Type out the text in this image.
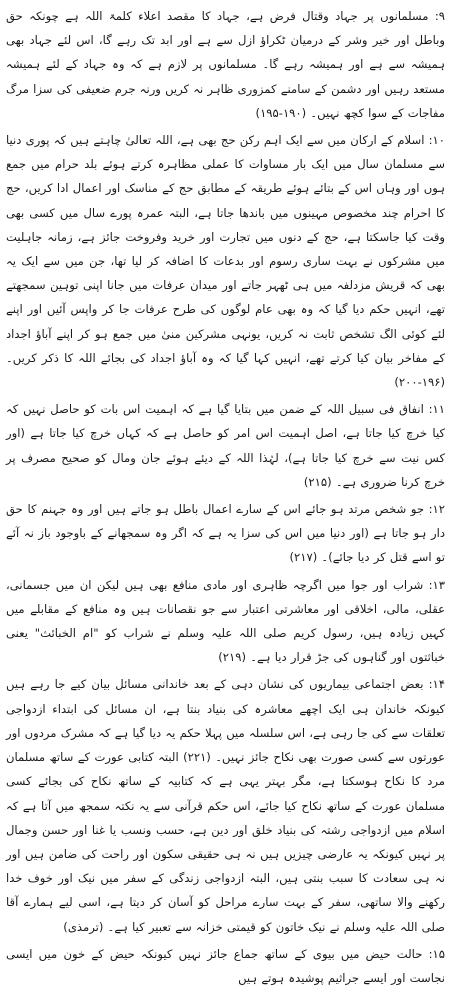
۹: مسلمانوں پر جہاد وقتال فرض ہے، جہاد کا مقصد اعلاء کلمۃ اللہ ہے چونکہ حق وباطل اور خیر وشر کے درمیان ٹکراؤ ازل سے ہے اور ابد تک رہے گا، اس لئے جہاد بھی ہمیشہ سے ہے اور ہمیشہ رہے گا۔ مسلمانوں پر لازم ہے کہ وہ جہاد کے لئے ہمیشہ مستعد رہیں اور دشمن کے سامنے کمزوری ظاہر نہ کریں ورنہ جرم ضعیفی کی سزا مرگ مفاجات کے سوا کچھ نہیں۔ (۱۹۰-۱۹۵)

۱۰: اسلام کے ارکان میں سے ایک اہم رکن حج بھی ہے، اللہ تعالیٰ چاہتے ہیں کہ پوری دنیا سے مسلمان سال میں ایک بار مساوات کا عملی مظاہرہ کرتے ہوئے بلد حرام میں جمع ہوں اور وہاں اس کے بتائے ہوئے طریقہ کے مطابق حج کے مناسک اور اعمال ادا کریں، حج کا احرام چند مخصوص مہینوں میں باندھا جاتا ہے، البتہ عمرہ پورے سال میں کسی بھی وقت کیا جاسکتا ہے، حج کے دنوں میں تجارت اور خرید وفروخت جائز ہے، زمانہ جاہلیت میں مشرکوں نے بہت ساری رسوم اور بدعات کا اضافہ کر لیا تھا، جن میں سے ایک یہ بھی کہ قریش مزدلفہ میں ہی ٹھہر جاتے اور میدان عرفات میں جانا اپنی توہین سمجھتے تھے، انہیں حکم دیا گیا کہ وہ بھی عام لوگوں کی طرح عرفات جا کر واپس آئیں اور اپنے لئے کوئی الگ تشخص ثابت نہ کریں، یونہی مشرکین منیٰ میں جمع ہو کر اپنے آباؤ اجداد کے مفاخر بیان کیا کرتے تھے، انہیں کہا گیا کہ وہ آباؤ اجداد کی بجائے اللہ کا ذکر کریں۔ (۱۹۶-۲۰۰)

۱۱: انفاق فی سبیل اللہ کے ضمن میں بتایا گیا ہے کہ اہمیت اس بات کو حاصل نہیں کہ کیا خرچ کیا جاتا ہے، اصل اہمیت اس امر کو حاصل ہے کہ کہاں خرچ کیا جاتا ہے (اور کس نیت سے خرچ کیا جاتا ہے)، لہٰذا اللہ کے دیئے ہوئے جان ومال کو صحیح مصرف پر خرچ کرنا ضروری ہے۔ (۲۱۵)

۱۲: جو شخص مرتد ہو جائے اس کے سارے اعمال باطل ہو جاتے ہیں اور وہ جہنم کا حق دار ہو جاتا ہے (اور دنیا میں اس کی سزا یہ ہے کہ اگر وہ سمجھانے کے باوجود باز نہ آئے تو اسے قتل کر دیا جائے)۔ (۲۱۷)

۱۳: شراب اور جوا میں اگرچہ ظاہری اور مادی منافع بھی ہیں لیکن ان میں جسمانی، عقلی، مالی، اخلاقی اور معاشرتی اعتبار سے جو نقصانات ہیں وہ منافع کے مقابلے میں کہیں زیادہ ہیں، رسول کریم صلی اللہ علیہ وسلم نے شراب کو "ام الخبائث" یعنی خباثتوں اور گناہوں کی جڑ قرار دیا ہے۔ (۲۱۹)

۱۴: بعض اجتماعی بیماریوں کی نشان دہی کے بعد خاندانی مسائل بیان کیے جا رہے ہیں کیونکہ خاندان ہی ایک اچھے معاشرہ کی بنیاد بنتا ہے، ان مسائل کی ابتداء ازدواجی تعلقات سے کی جا رہی ہے، اس سلسلہ میں پہلا حکم یہ دیا گیا ہے کہ مشرک مردوں اور عورتوں سے کسی صورت بھی نکاح جائز نہیں۔ (۲۲۱) البتہ کتابی عورت کے ساتھ مسلمان مرد کا نکاح ہوسکتا ہے، مگر بہتر یہی ہے کہ کتابیہ کے ساتھ نکاح کی بجائے کسی مسلمان عورت کے ساتھ نکاح کیا جائے، اس حکم قرآنی سے یہ نکتہ سمجھ میں آتا ہے کہ اسلام میں ازدواجی رشتہ کی بنیاد خلق اور دین ہے، حسب ونسب یا غنا اور حسن وجمال پر نہیں کیونکہ یہ عارضی چیزیں ہیں نہ ہی حقیقی سکون اور راحت کی ضامن ہیں اور نہ ہی سعادت کا سبب بنتی ہیں، البتہ ازدواجی زندگی کے سفر میں نیک اور خوف خدا رکھنے والا ساتھی، سفر کے بہت سارے مراحل کو آسان کر دیتا ہے، اسی لیے ہمارے آقا صلی اللہ علیہ وسلم نے نیک خاتون کو قیمتی خزانہ سے تعبیر کیا ہے۔ (ترمذی)

۱۵: حالت حیض میں بیوی کے ساتھ جماع جائز نہیں کیونکہ حیض کے خون میں ایسی نجاست اور ایسے جراثیم پوشیدہ ہوتے ہیں
